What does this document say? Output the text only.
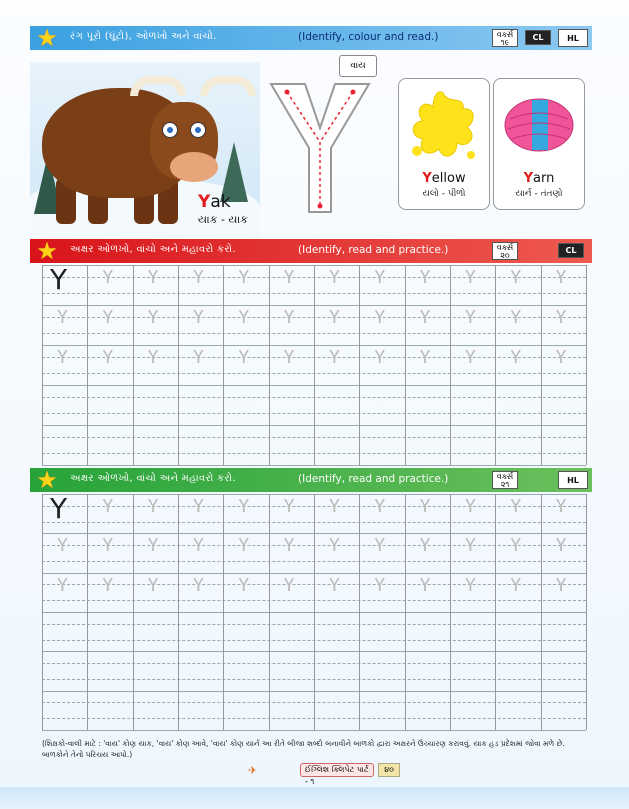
★ રંગ પૂરો (ઘૂંટો), ઓળખો અને વાંચો.	(Identify, colour and read.)	વર્ક્સ ૧૯
CL	HL
Yak
યાક - યાક
વાય
Yellow
યલો - પીળો
Yarn
યાર્ન - તંતણો
★ અક્ષર ઓળખો, વાંચો અને મહાવરો કરો.	(Identify, read and practice.)	વર્ક્સ ૨૦
CL
Y Y Y Y Y Y Y Y Y Y Y Y
Y Y Y Y Y Y Y Y Y Y Y Y
Y Y Y Y Y Y Y Y Y Y Y Y
★ અક્ષર ઓળખો, વાંચો અને મહાવરો કરો.	(Identify, read and practice.)	વર્ક્સ ૨૧	HL
Y Y Y Y Y Y Y Y Y Y Y Y
Y Y Y Y Y Y Y Y Y Y Y Y
Y Y Y Y Y Y Y Y Y Y Y Y
(શિક્ષકો-વાલી માટે : 'વાય' કોણ યાક, 'વાય' કોણ આવે, 'વાય' કોણ યાર્ન આ રીતે બીજા શબ્દો બનાવીને બાળકો દ્વારા અક્ષરને ઉચ્ચારણ કરાવવું. યાક હડ પ્રદેશમાં જોવા મળે છે. બાળકોને તેનો પરિચય આપો.)
✈	ઈંગ્લિશ ક્લિપેટ પાર્ટ - ૧
૪૦
